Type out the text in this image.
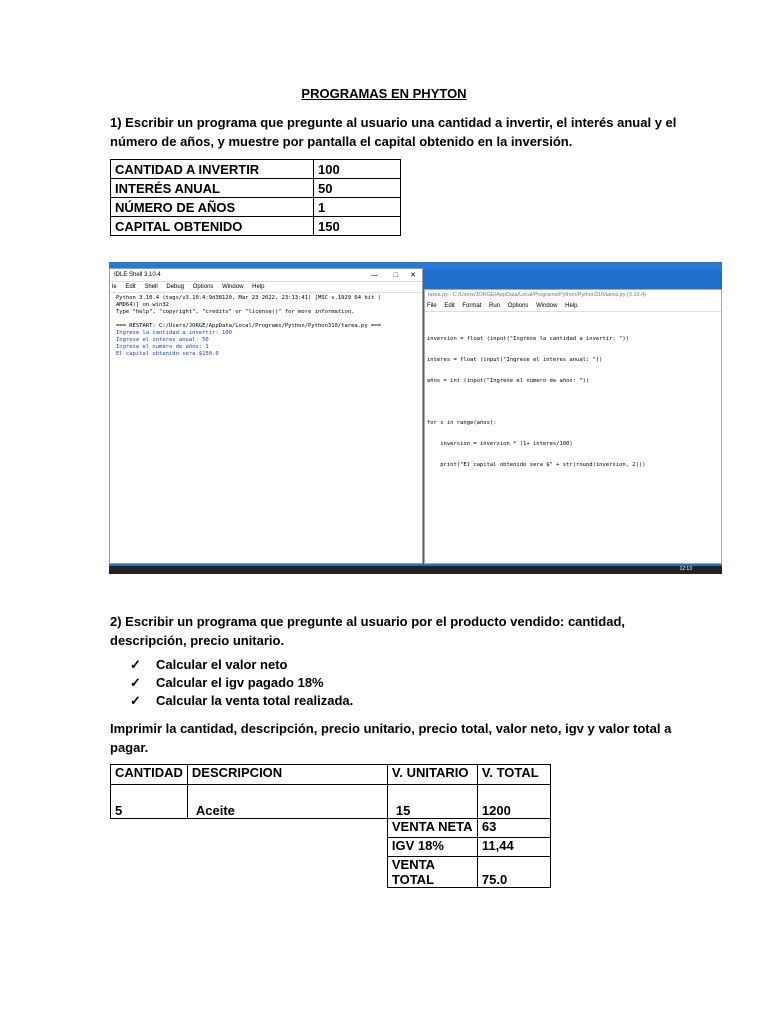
PROGRAMAS EN PHYTON
1) Escribir un programa que pregunte al usuario una cantidad a invertir, el interés anual y el
número de años, y muestre por pantalla el capital obtenido en la inversión.
CANTIDAD A INVERTIR	100
INTERÉS ANUAL	50
NÚMERO DE AÑOS	1
CAPITAL OBTENIDO	150
IDLE Shell 3.10.4	— □ ✕
le Edit Shell Debug Options Window Help
Python 3.10.4 (tags/v3.10.4:9d38120, Mar 23 2022, 23:13:41) [MSC v.1929 64 bit (
AMD64)] on win32
Type "help", "copyright", "credits" or "license()" for more information.
=== RESTART: C:/Users/JORGE/AppData/Local/Programs/Python/Python310/tarea.py ===
Ingrese la cantidad a invertir: 100
Ingrese el interes anual: 50
Ingrese el numero de años: 1
El capital obtenido sera $150.0
tarea.py - C:/Users/JORGE/AppData/Local/Programs/Python/Python310/tarea.py (3.10.4)
File Edit Format Run Options Window Help

inversion = float (input("Ingrese la cantidad a invertir: "))

interes = float (input("Ingrese el interes anual: "))

años = int (input("Ingrese el numero de años: "))

for x in range(años):

inversion = inversion * (1+ interes/100)

print("El capital obtenido sera $" + str(round(inversion, 2)))

12:13
2) Escribir un programa que pregunte al usuario por el producto vendido: cantidad,
descripción, precio unitario.
✓ Calcular el valor neto
✓ Calcular el igv pagado 18%
✓ Calcular la venta total realizada.
Imprimir la cantidad, descripción, precio unitario, precio total, valor neto, igv y valor total a
pagar.
CANTIDAD	DESCRIPCION	V. UNITARIO	V. TOTAL
5	Aceite	15	1200
		VENTA NETA	63
		IGV 18%	11,44

		VENTA
TOTAL	75.0
